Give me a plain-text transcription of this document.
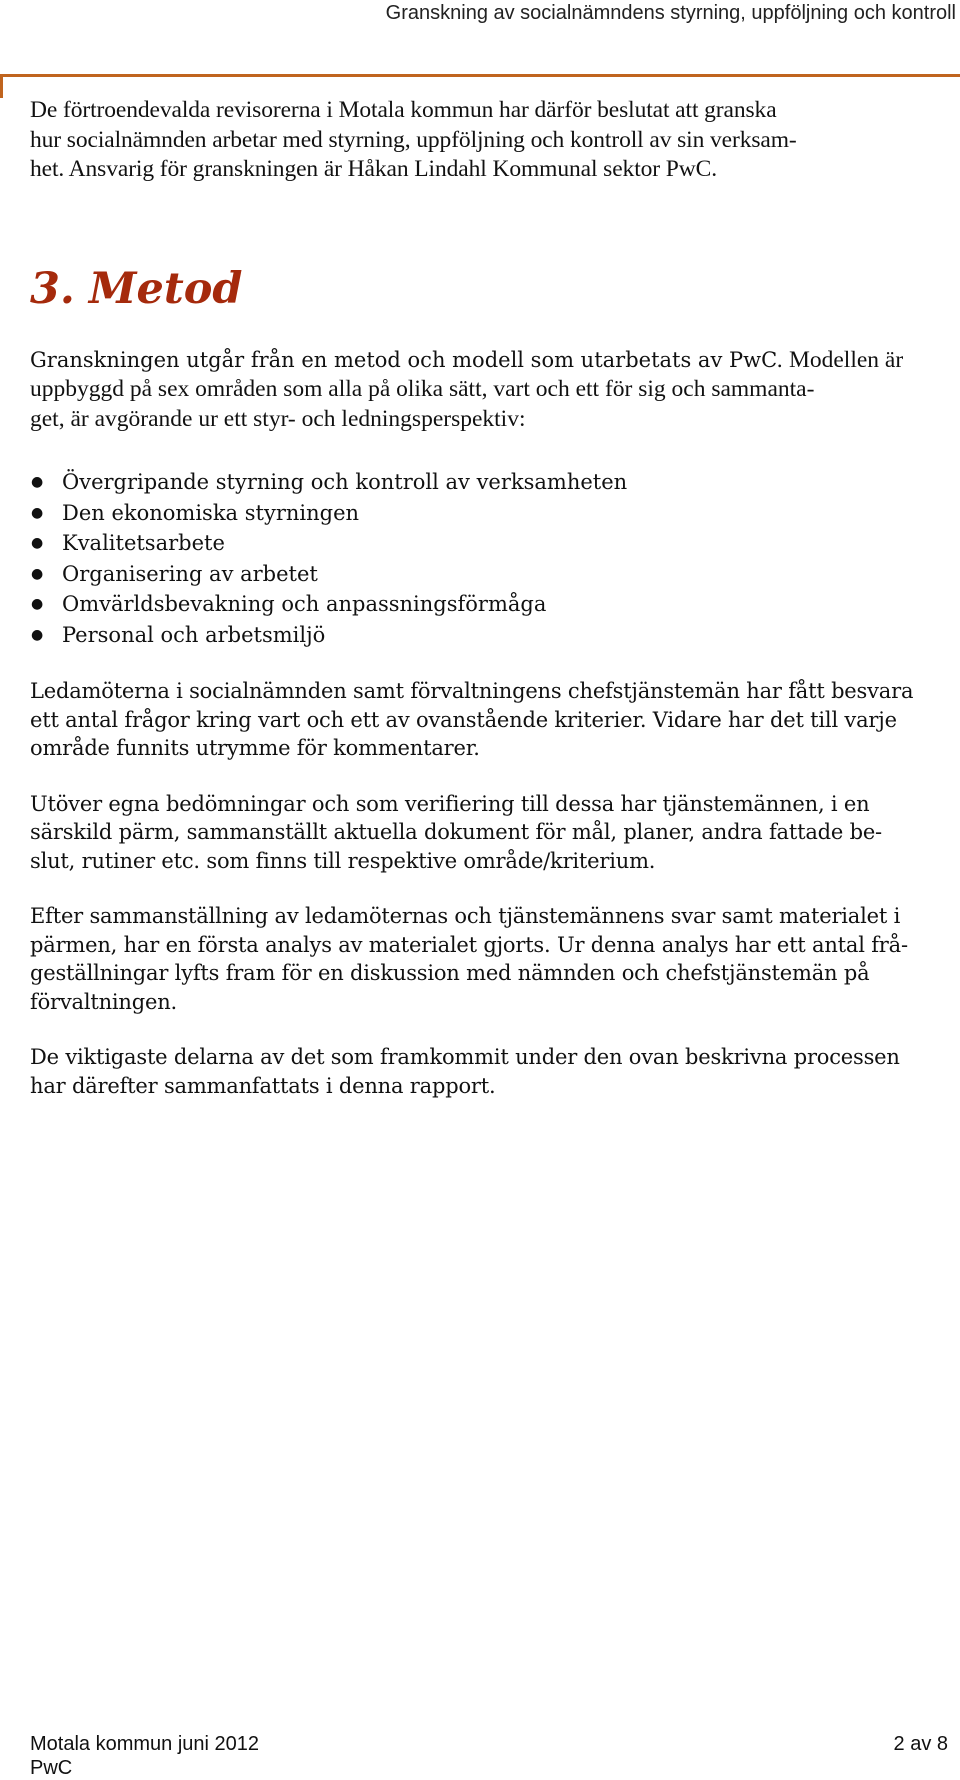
Granskning av socialnämndens styrning, uppföljning och kontroll

De förtroendevalda revisorerna i Motala kommun har därför beslutat att granska
hur socialnämnden arbetar med styrning, uppföljning och kontroll av sin verksam-
het. Ansvarig för granskningen är Håkan Lindahl Kommunal sektor PwC.

3. Metod

Granskningen utgår från en metod och modell som utarbetats av PwC. Modellen är
uppbyggd på sex områden som alla på olika sätt, vart och ett för sig och sammanta-
get, är avgörande ur ett styr- och ledningsperspektiv:

● Övergripande styrning och kontroll av verksamheten
● Den ekonomiska styrningen
● Kvalitetsarbete
● Organisering av arbetet
● Omvärldsbevakning och anpassningsförmåga
● Personal och arbetsmiljö

Ledamöterna i socialnämnden samt förvaltningens chefstjänstemän har fått besvara
ett antal frågor kring vart och ett av ovanstående kriterier. Vidare har det till varje
område funnits utrymme för kommentarer.

Utöver egna bedömningar och som verifiering till dessa har tjänstemännen, i en
särskild pärm, sammanställt aktuella dokument för mål, planer, andra fattade be-
slut, rutiner etc. som finns till respektive område/kriterium.

Efter sammanställning av ledamöternas och tjänstemännens svar samt materialet i
pärmen, har en första analys av materialet gjorts. Ur denna analys har ett antal frå-
geställningar lyfts fram för en diskussion med nämnden och chefstjänstemän på
förvaltningen.

De viktigaste delarna av det som framkommit under den ovan beskrivna processen
har därefter sammanfattats i denna rapport.

Motala kommun juni 2012	2 av 8
PwC
